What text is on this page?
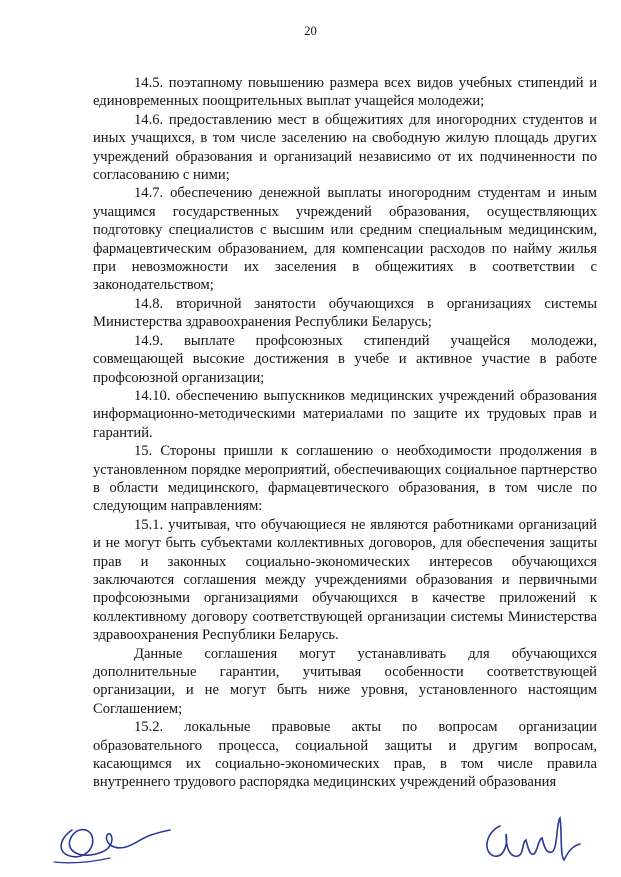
20

14.5. поэтапному повышению размера всех видов учебных стипендий и единовременных поощрительных выплат учащейся молодежи;

14.6. предоставлению мест в общежитиях для иногородних студентов и иных учащихся, в том числе заселению на свободную жилую площадь других учреждений образования и организаций независимо от их подчиненности по согласованию с ними;

14.7. обеспечению денежной выплаты иногородним студентам и иным учащимся государственных учреждений образования, осуществляющих подготовку специалистов с высшим или средним специальным медицинским, фармацевтическим образованием, для компенсации расходов по найму жилья при невозможности их заселения в общежитиях в соответствии с законодательством;

14.8. вторичной занятости обучающихся в организациях системы Министерства здравоохранения Республики Беларусь;

14.9. выплате профсоюзных стипендий учащейся молодежи, совмещающей высокие достижения в учебе и активное участие в работе профсоюзной организации;

14.10. обеспечению выпускников медицинских учреждений образования информационно-методическими материалами по защите их трудовых прав и гарантий.

15. Стороны пришли к соглашению о необходимости продолжения в установленном порядке мероприятий, обеспечивающих социальное партнерство в области медицинского, фармацевтического образования, в том числе по следующим направлениям:

15.1. учитывая, что обучающиеся не являются работниками организаций и не могут быть субъектами коллективных договоров, для обеспечения защиты прав и законных социально-экономических интересов обучающихся заключаются соглашения между учреждениями образования и первичными профсоюзными организациями обучающихся в качестве приложений к коллективному договору соответствующей организации системы Министерства здравоохранения Республики Беларусь.

Данные соглашения могут устанавливать для обучающихся дополнительные гарантии, учитывая особенности соответствующей организации, и не могут быть ниже уровня, установленного настоящим Соглашением;

15.2. локальные правовые акты по вопросам организации образовательного процесса, социальной защиты и другим вопросам, касающимся их социально-экономических прав, в том числе правила внутреннего трудового распорядка медицинских учреждений образования
